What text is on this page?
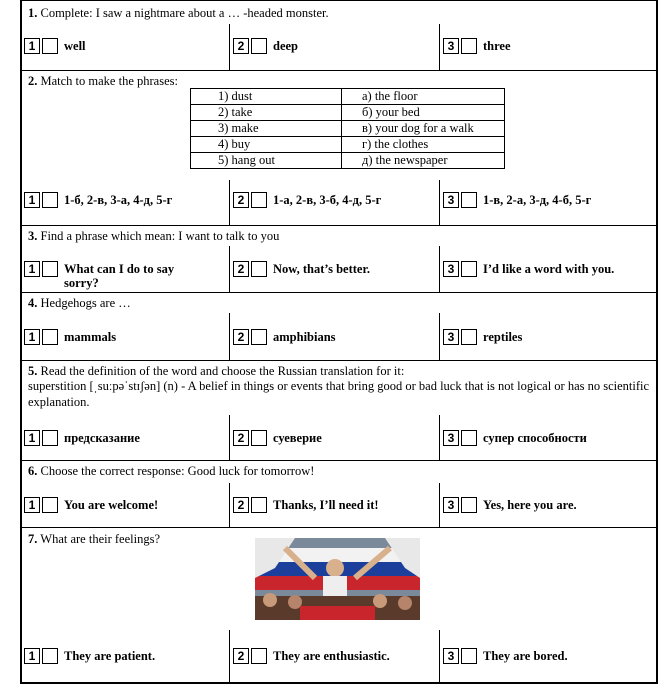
1. Complete: I saw a nightmare about a … -headed monster.
1	well	2	deep	3	three
2. Match to make the phrases:
1) dust	а) the floor
2) take	б) your bed
3) make	в) your dog for a walk
4) buy	г) the clothes
5) hang out	д) the newspaper
1	1-б, 2-в, 3-а, 4-д, 5-г	2	1-а, 2-в, 3-б, 4-д, 5-г	3	1-в, 2-а, 3-д, 4-б, 5-г
3. Find a phrase which mean: I want to talk to you
1	What can I do to say
sorry?
2	Now, that’s better.	3	I’d like a word with you.
4. Hedgehogs are …
1	mammals	2	amphibians	3	reptiles
5. Read the definition of the word and choose the Russian translation for it:
superstition [ˌsuːpəˈstɪʃən] (n) - A belief in things or events that bring good or bad luck that is not logical or has no scientific explanation.
1	предсказание	2	суеверие	3	супер способности
6. Choose the correct response: Good luck for tomorrow!
1	You are welcome!	2	Thanks, I’ll need it!	3	Yes, here you are.
7. What are their feelings?
1	They are patient.	2	They are enthusiastic.	3	They are bored.
